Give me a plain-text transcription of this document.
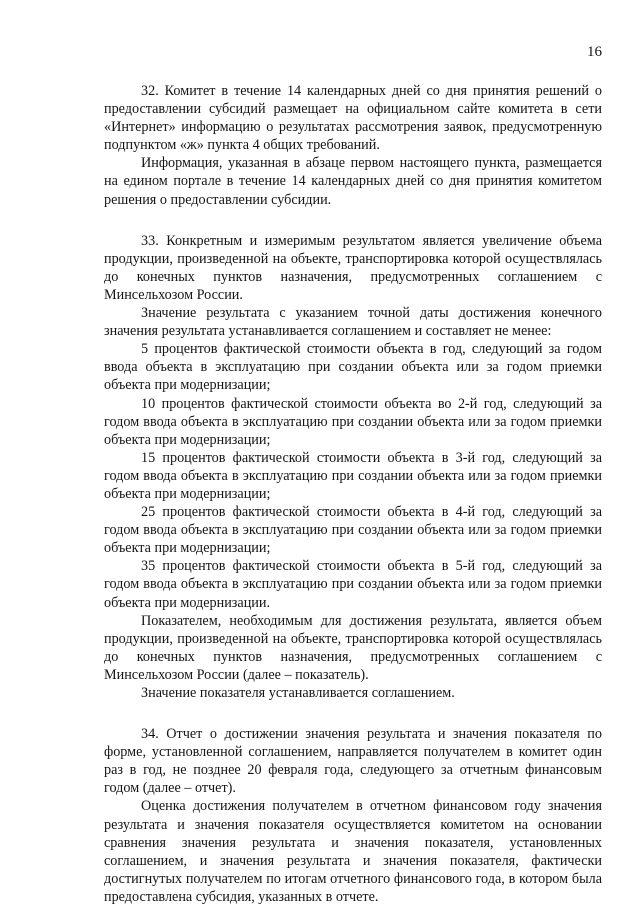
16

32. Комитет в течение 14 календарных дней со дня принятия решений о предоставлении субсидий размещает на официальном сайте комитета в сети «Интернет» информацию о результатах рассмотрения заявок, предусмотренную подпунктом «ж» пункта 4 общих требований.

Информация, указанная в абзаце первом настоящего пункта, размещается на едином портале в течение 14 календарных дней со дня принятия комитетом решения о предоставлении субсидии.

33. Конкретным и измеримым результатом является увеличение объема продукции, произведенной на объекте, транспортировка которой осуществлялась до конечных пунктов назначения, предусмотренных соглашением с Минсельхозом России.

Значение результата с указанием точной даты достижения конечного значения результата устанавливается соглашением и составляет не менее:

5 процентов фактической стоимости объекта в год, следующий за годом ввода объекта в эксплуатацию при создании объекта или за годом приемки объекта при модернизации;

10 процентов фактической стоимости объекта во 2-й год, следующий за годом ввода объекта в эксплуатацию при создании объекта или за годом приемки объекта при модернизации;

15 процентов фактической стоимости объекта в 3-й год, следующий за годом ввода объекта в эксплуатацию при создании объекта или за годом приемки объекта при модернизации;

25 процентов фактической стоимости объекта в 4-й год, следующий за годом ввода объекта в эксплуатацию при создании объекта или за годом приемки объекта при модернизации;

35 процентов фактической стоимости объекта в 5-й год, следующий за годом ввода объекта в эксплуатацию при создании объекта или за годом приемки объекта при модернизации.

Показателем, необходимым для достижения результата, является объем продукции, произведенной на объекте, транспортировка которой осуществлялась до конечных пунктов назначения, предусмотренных соглашением с Минсельхозом России (далее – показатель).

Значение показателя устанавливается соглашением.

34. Отчет о достижении значения результата и значения показателя по форме, установленной соглашением, направляется получателем в комитет один раз в год, не позднее 20 февраля года, следующего за отчетным финансовым годом (далее – отчет).

Оценка достижения получателем в отчетном финансовом году значения результата и значения показателя осуществляется комитетом на основании сравнения значения результата и значения показателя, установленных соглашением, и значения результата и значения показателя, фактически достигнутых получателем по итогам отчетного финансового года, в котором была предоставлена субсидия, указанных в отчете.
